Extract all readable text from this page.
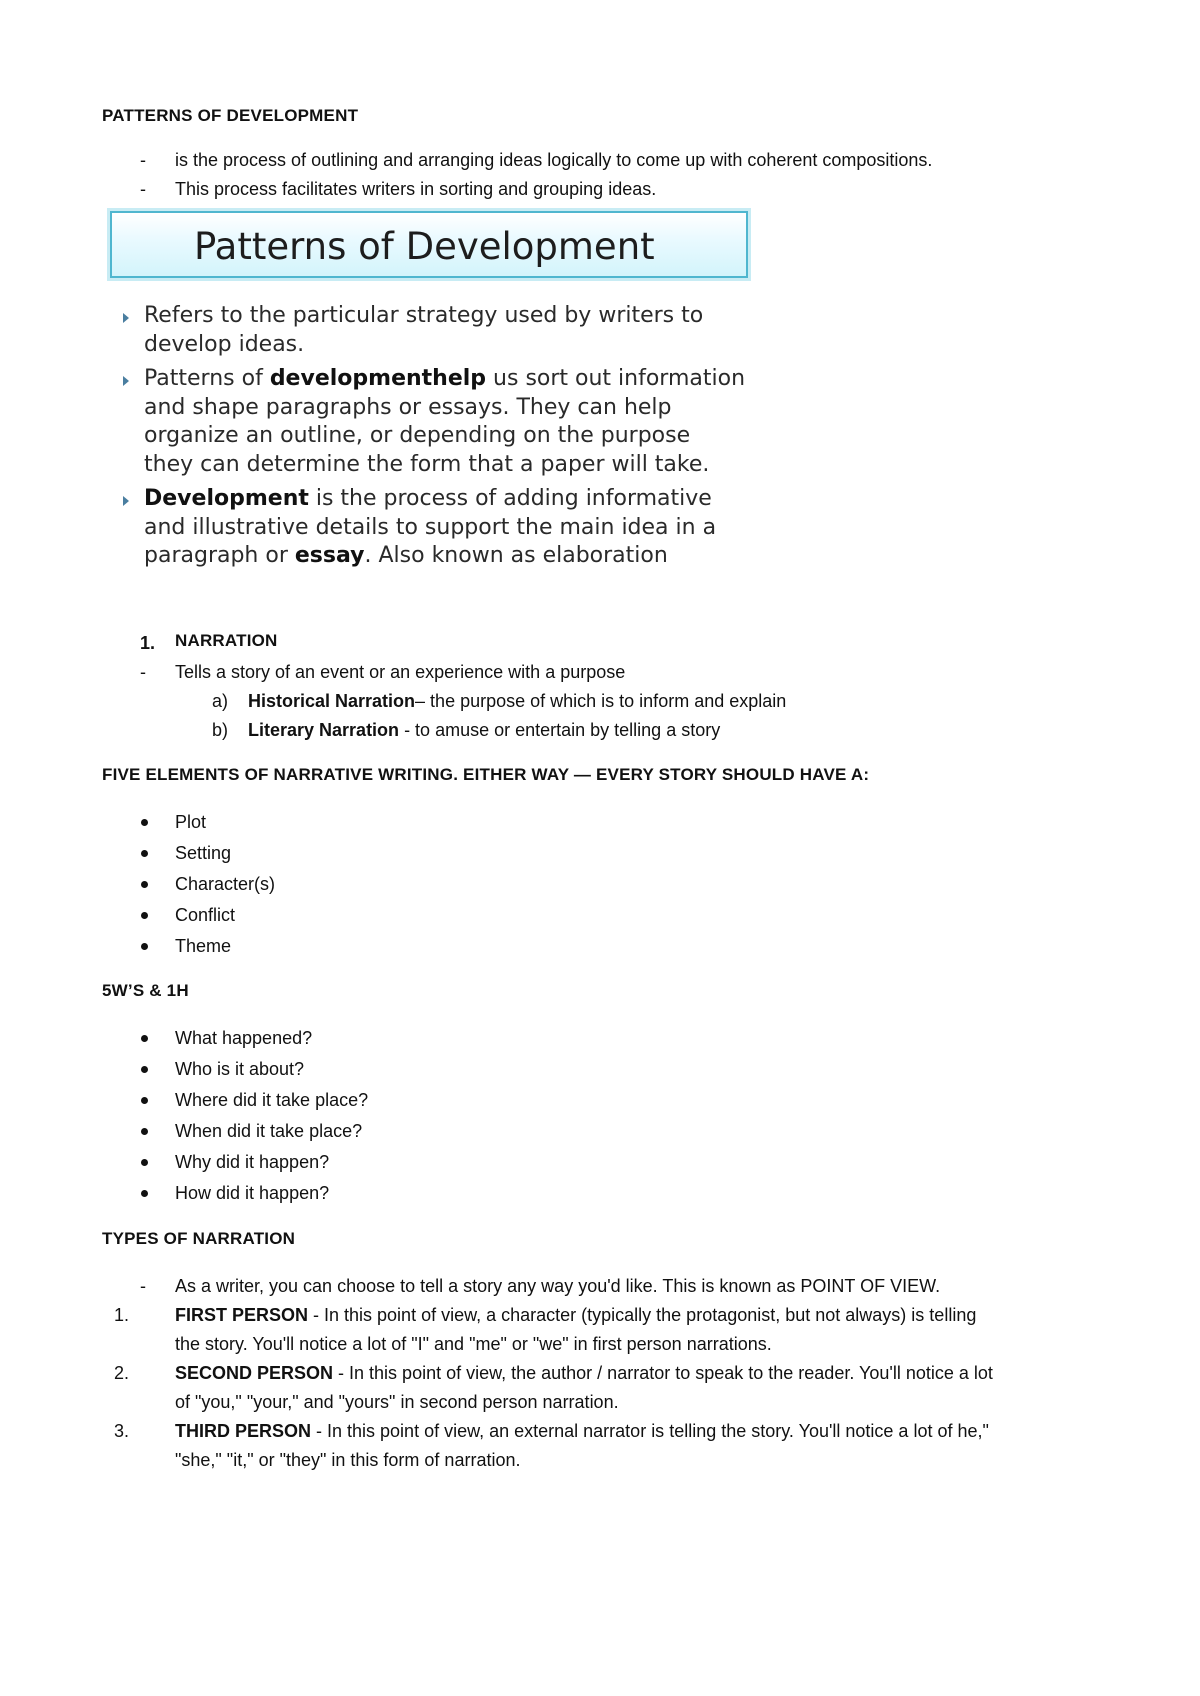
PATTERNS OF DEVELOPMENT
- is the process of outlining and arranging ideas logically to come up with coherent compositions.
- This process facilitates writers in sorting and grouping ideas.
Patterns of Development
Refers to the particular strategy used by writers to
develop ideas.
Patterns of developmenthelp us sort out information
and shape paragraphs or essays. They can help
organize an outline, or depending on the purpose
they can determine the form that a paper will take.
Development is the process of adding informative
and illustrative details to support the main idea in a
paragraph or essay. Also known as elaboration
1. NARRATION
- Tells a story of an event or an experience with a purpose
a) Historical Narration– the purpose of which is to inform and explain
b) Literary Narration - to amuse or entertain by telling a story
FIVE ELEMENTS OF NARRATIVE WRITING. EITHER WAY — EVERY STORY SHOULD HAVE A:
Plot
Setting
Character(s)
Conflict
Theme
5W’S & 1H
What happened?
Who is it about?
Where did it take place?
When did it take place?
Why did it happen?
How did it happen?
TYPES OF NARRATION
- As a writer, you can choose to tell a story any way you'd like. This is known as POINT OF VIEW.
1.	FIRST PERSON - In this point of view, a character (typically the protagonist, but not always) is telling
the story. You'll notice a lot of "I" and "me" or "we" in first person narrations.
2.	SECOND PERSON - In this point of view, the author / narrator to speak to the reader. You'll notice a lot
of "you," "your," and "yours" in second person narration.
3.	THIRD PERSON - In this point of view, an external narrator is telling the story. You'll notice a lot of he,"
"she," "it," or "they" in this form of narration.
